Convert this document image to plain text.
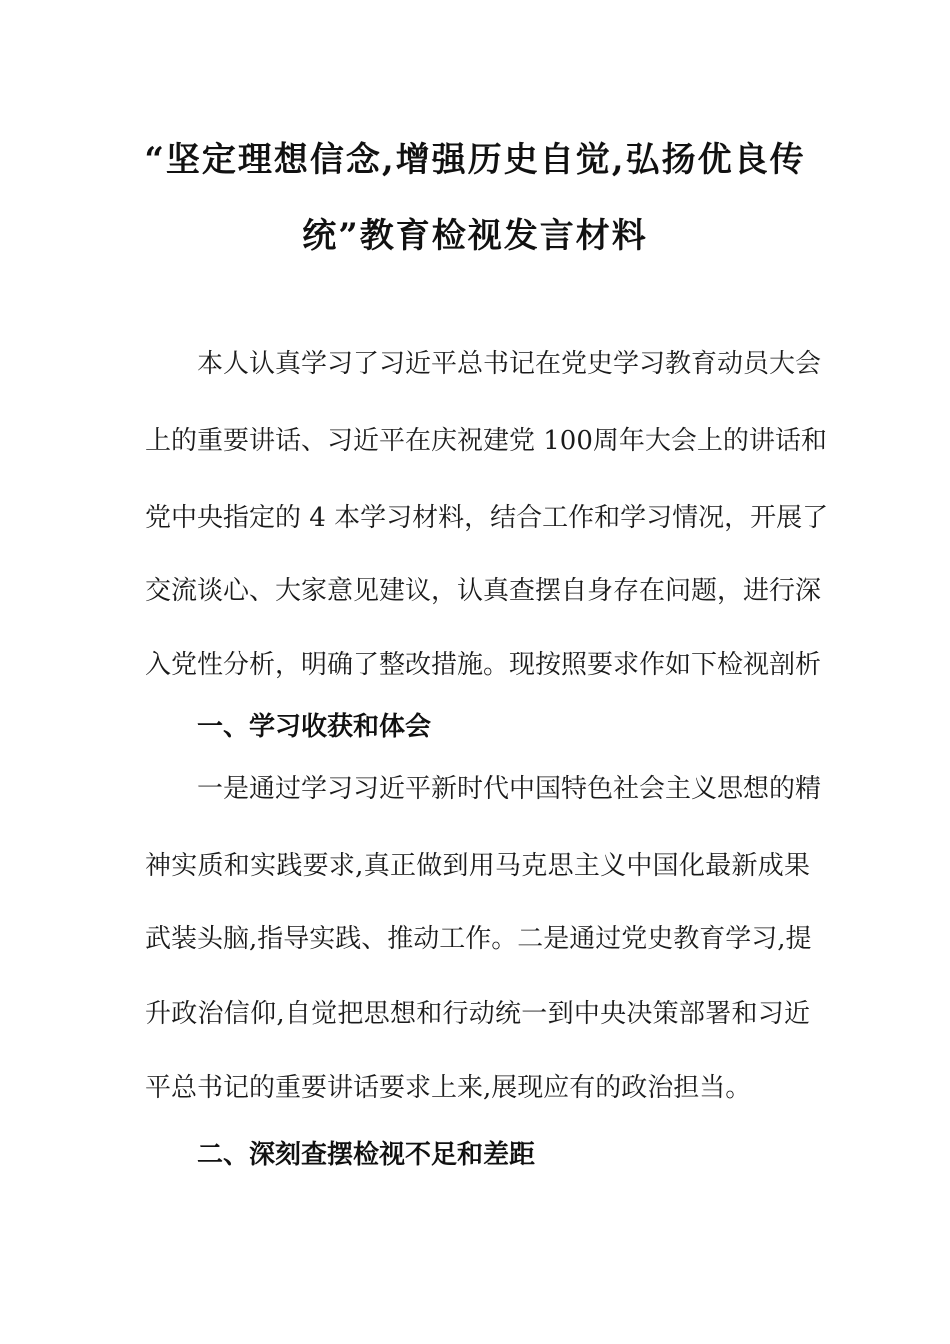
“坚定理想信念,增强历史自觉,弘扬优良传
统”教育检视发言材料
本人认真学习了习近平总书记在党史学习教育动员大会
上的重要讲话、习近平在庆祝建党 100周年大会上的讲话和
党中央指定的 4 本学习材料，结合工作和学习情况，开展了
交流谈心、大家意见建议，认真查摆自身存在问题，进行深
入党性分析，明确了整改措施。现按照要求作如下检视剖析
一、学习收获和体会
一是通过学习习近平新时代中国特色社会主义思想的精
神实质和实践要求,真正做到用马克思主义中国化最新成果
武装头脑,指导实践、推动工作。二是通过党史教育学习,提
升政治信仰,自觉把思想和行动统一到中央决策部署和习近
平总书记的重要讲话要求上来,展现应有的政治担当。
二、深刻查摆检视不足和差距
